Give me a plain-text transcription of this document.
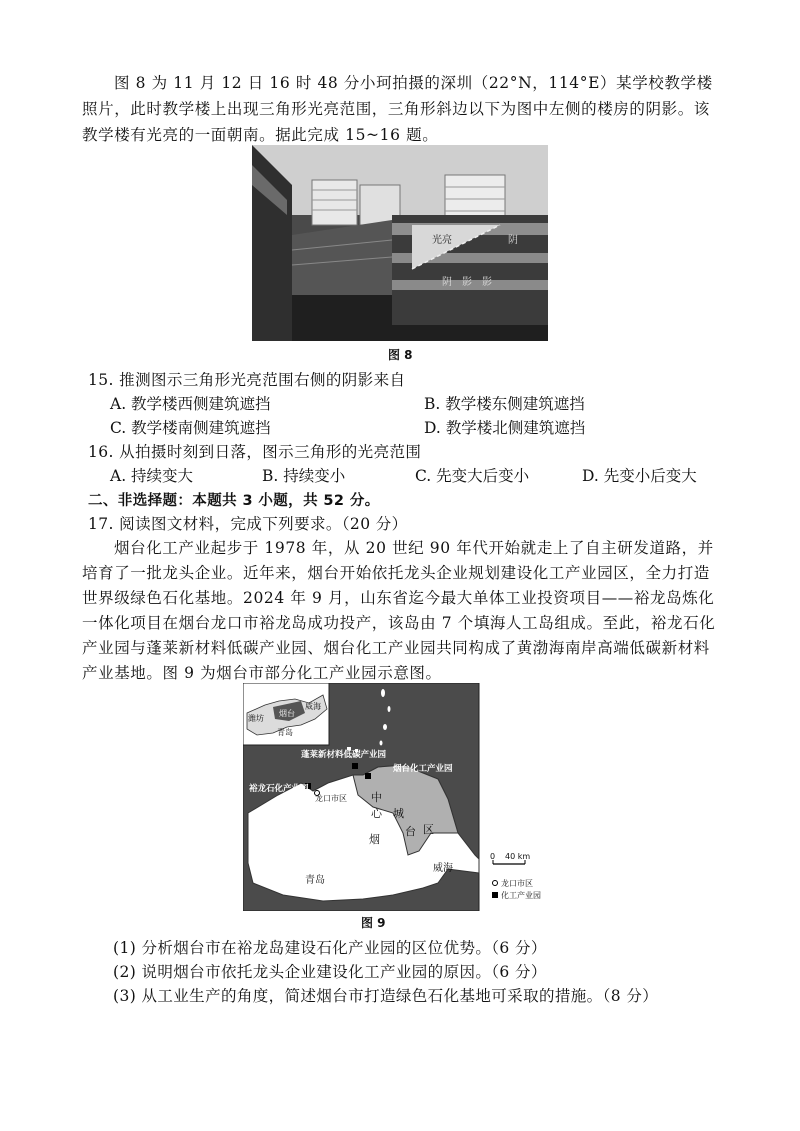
图 8 为 11 月 12 日 16 时 48 分小珂拍摄的深圳（22°N，114°E）某学校教学楼照片，此时教学楼上出现三角形光亮范围，三角形斜边以下为图中左侧的楼房的阴影。该教学楼有光亮的一面朝南。据此完成 15~16 题。
光亮	阴
阴　影　影
图 8
15. 推测图示三角形光亮范围右侧的阴影来自
A. 教学楼西侧建筑遮挡	B. 教学楼东侧建筑遮挡
C. 教学楼南侧建筑遮挡	D. 教学楼北侧建筑遮挡
16. 从拍摄时刻到日落，图示三角形的光亮范围
A. 持续变大	B. 持续变小	C. 先变大后变小	D. 先变小后变大
二、非选择题：本题共 3 小题，共 52 分。
17. 阅读图文材料，完成下列要求。（20 分）
烟台化工产业起步于 1978 年，从 20 世纪 90 年代开始就走上了自主研发道路，并培育了一批龙头企业。近年来，烟台开始依托龙头企业规划建设化工产业园区，全力打造世界级绿色石化基地。2024 年 9 月，山东省迄今最大单体工业投资项目——裕龙岛炼化一体化项目在烟台龙口市裕龙岛成功投产，该岛由 7 个填海人工岛组成。至此，裕龙石化产业园与蓬莱新材料低碳产业园、烟台化工产业园共同构成了黄渤海南岸高端低碳新材料产业基地。图 9 为烟台市部分化工产业园示意图。
潍坊
烟台
威海
青岛
蓬莱新材料低碳产业园
烟台化工产业园
裕龙石化产业园
龙口市区 中
心 城
区
台
烟
青岛
威海
0 40 km
龙口市区
化工产业园
图 9
(1) 分析烟台市在裕龙岛建设石化产业园的区位优势。（6 分）
(2) 说明烟台市依托龙头企业建设化工产业园的原因。（6 分）
(3) 从工业生产的角度，简述烟台市打造绿色石化基地可采取的措施。（8 分）
